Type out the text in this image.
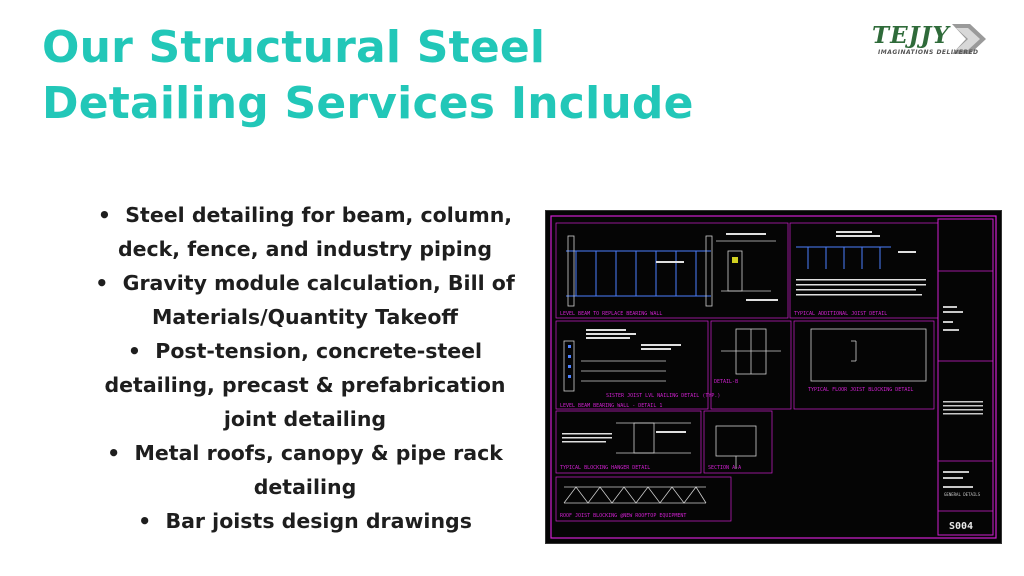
Our Structural Steel
Detailing Services Include
TEJJY
IMAGINATIONS DELIVERED
•  Steel detailing for beam, column,
deck, fence, and industry piping
•  Gravity module calculation, Bill of
Materials/Quantity Takeoff
•  Post-tension, concrete-steel
detailing, precast & prefabrication
joint detailing
•  Metal roofs, canopy & pipe rack
detailing
•  Bar joists design drawings
GENERAL DETAILS
S004
LEVEL BEAM TO REPLACE BEARING WALL	TYPICAL ADDITIONAL JOIST DETAIL
SISTER JOIST LVL NAILING DETAIL (TYP.)
DETAIL-B
TYPICAL FLOOR JOIST BLOCKING DETAIL
LEVEL BEAM BEARING WALL - DETAIL 1
TYPICAL BLOCKING HANGER DETAIL	SECTION A-A
ROOF JOIST BLOCKING @NEW ROOFTOP EQUIPMENT
